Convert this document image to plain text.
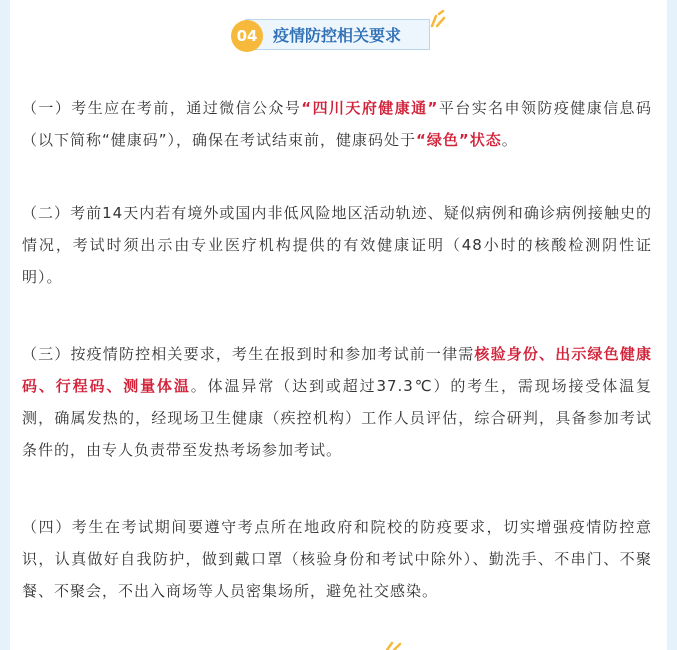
04 疫情防控相关要求

（一）考生应在考前，通过微信公众号“四川天府健康通”平台实名申领防疫健康信息码（以下简称“健康码”），确保在考试结束前，健康码处于“绿色”状态。

（二）考前14天内若有境外或国内非低风险地区活动轨迹、疑似病例和确诊病例接触史的情况，考试时须出示由专业医疗机构提供的有效健康证明（48小时的核酸检测阴性证明）。

（三）按疫情防控相关要求，考生在报到时和参加考试前一律需核验身份、出示绿色健康码、行程码、测量体温。体温异常（达到或超过37.3℃）的考生，需现场接受体温复测，确属发热的，经现场卫生健康（疾控机构）工作人员评估，综合研判，具备参加考试条件的，由专人负责带至发热考场参加考试。

（四）考生在考试期间要遵守考点所在地政府和院校的防疫要求，切实增强疫情防控意识，认真做好自我防护，做到戴口罩（核验身份和考试中除外）、勤洗手、不串门、不聚餐、不聚会，不出入商场等人员密集场所，避免社交感染。
